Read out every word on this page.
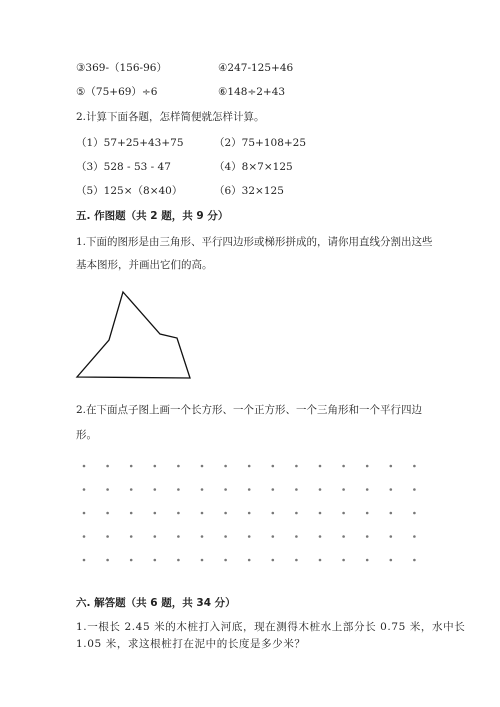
③369-（156-96）	④247-125+46
⑤（75+69）÷6	⑥148÷2+43
2.计算下面各题，怎样简便就怎样计算。
（1）57+25+43+75	（2）75+108+25
（3）528 - 53 - 47	（4）8×7×125
（5）125×（8×40）	（6）32×125
五. 作图题（共 2 题，共 9 分）
1.下面的图形是由三角形、平行四边形或梯形拼成的，请你用直线分割出这些
基本图形，并画出它们的高。
2.在下面点子图上画一个长方形、一个正方形、一个三角形和一个平行四边
形。
六. 解答题（共 6 题，共 34 分）
1.一根长 2.45 米的木桩打入河底，现在测得木桩水上部分长 0.75 米，水中长
1.05 米，求这根桩打在泥中的长度是多少米？
